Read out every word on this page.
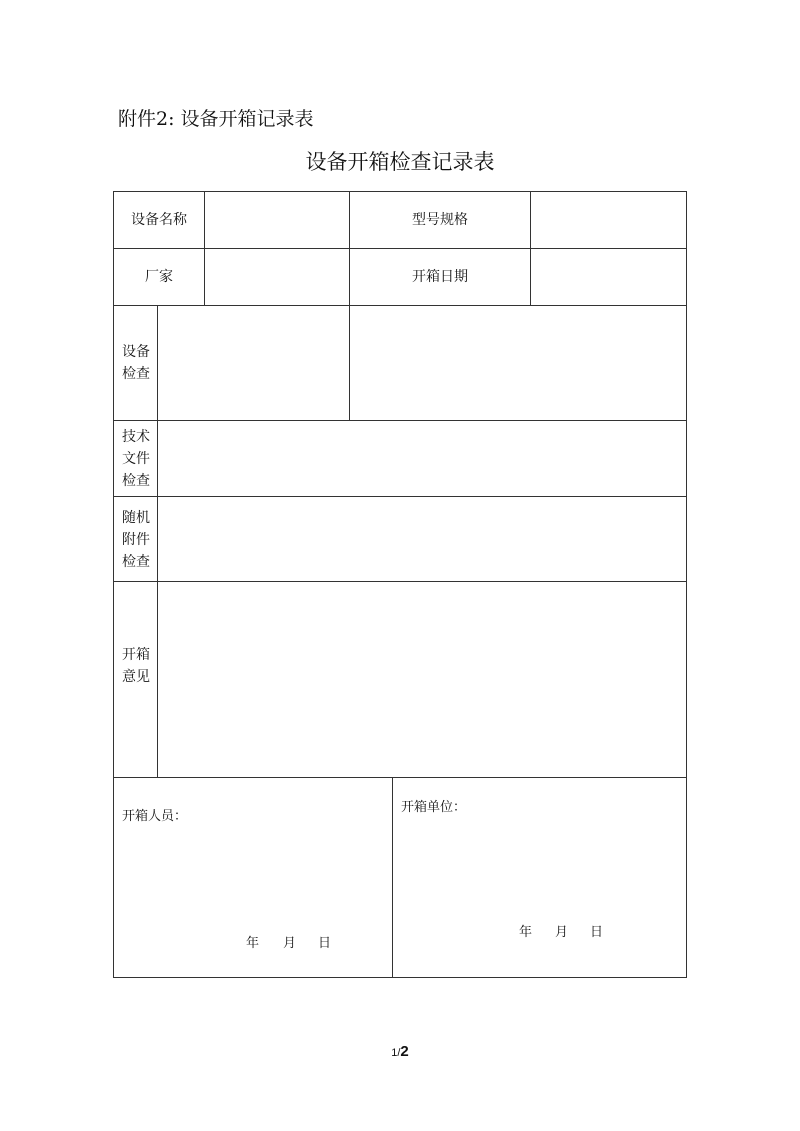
附件2: 设备开箱记录表
设备开箱检查记录表
设备名称	型号规格
厂家	开箱日期
设备
检查
技术
文件
检查
随机
附件
检查
开箱
意见
开箱人员：
开箱单位：
年 月 日
年 月 日
1/2
